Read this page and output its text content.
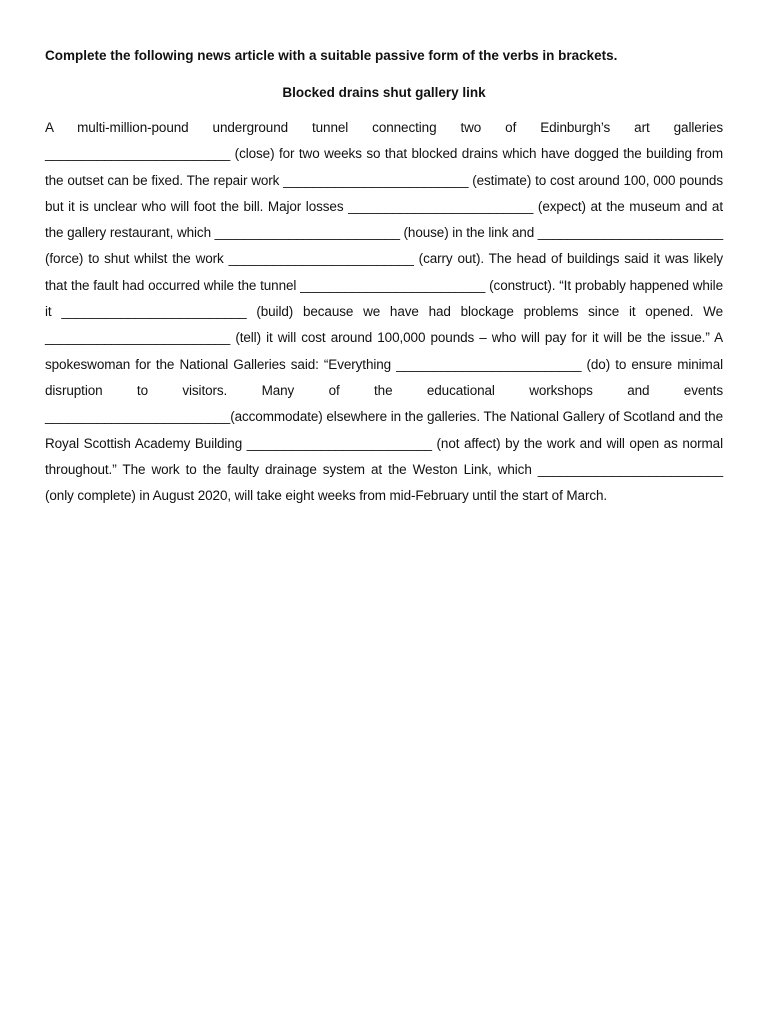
Complete the following news article with a suitable passive form of the verbs in brackets.
Blocked drains shut gallery link

A multi-million-pound underground tunnel connecting two of Edinburgh’s art galleries _________________________ (close) for two weeks so that blocked drains which have dogged the building from the outset can be fixed. The repair work _________________________ (estimate) to cost around 100, 000 pounds but it is unclear who will foot the bill. Major losses _________________________ (expect) at the museum and at the gallery restaurant, which _________________________ (house) in the link and _________________________ (force) to shut whilst the work _________________________ (carry out). The head of buildings said it was likely that the fault had occurred while the tunnel _________________________ (construct). “It probably happened while it _________________________ (build) because we have had blockage problems since it opened. We _________________________ (tell) it will cost around 100,000 pounds – who will pay for it will be the issue.” A spokeswoman for the National Galleries said: “Everything _________________________ (do) to ensure minimal disruption to visitors. Many of the educational workshops and events _________________________(accommodate) elsewhere in the galleries. The National Gallery of Scotland and the Royal Scottish Academy Building _________________________ (not affect) by the work and will open as normal throughout.” The work to the faulty drainage system at the Weston Link, which _________________________ (only complete) in August 2020, will take eight weeks from mid-February until the start of March.
